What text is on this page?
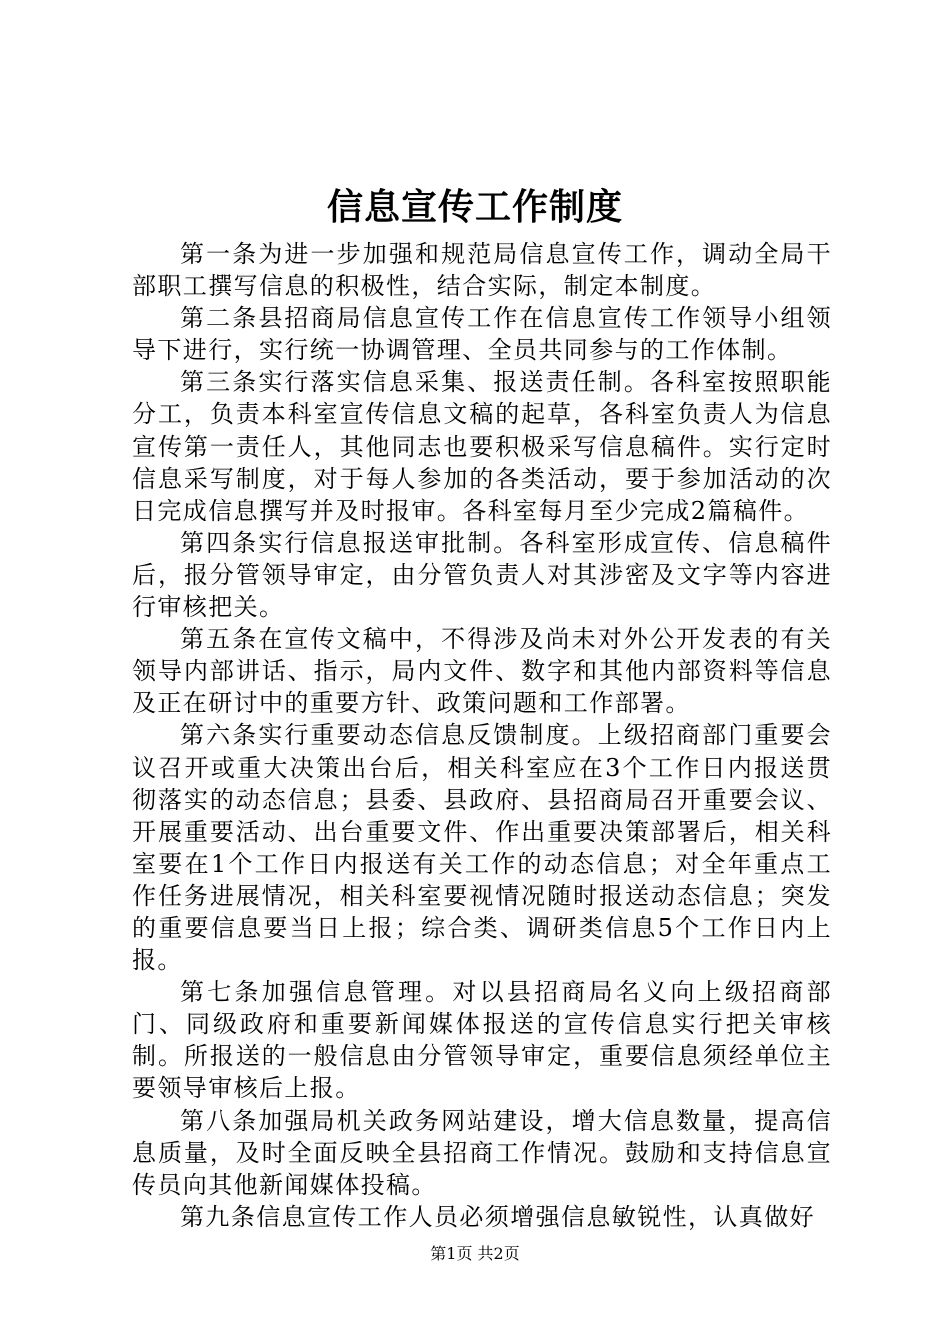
信息宣传工作制度

第一条为进一步加强和规范局信息宣传工作，调动全局干部职工撰写信息的积极性，结合实际，制定本制度。

第二条县招商局信息宣传工作在信息宣传工作领导小组领导下进行，实行统一协调管理、全员共同参与的工作体制。

第三条实行落实信息采集、报送责任制。各科室按照职能分工，负责本科室宣传信息文稿的起草，各科室负责人为信息宣传第一责任人，其他同志也要积极采写信息稿件。实行定时信息采写制度，对于每人参加的各类活动，要于参加活动的次日完成信息撰写并及时报审。各科室每月至少完成2篇稿件。

第四条实行信息报送审批制。各科室形成宣传、信息稿件后，报分管领导审定，由分管负责人对其涉密及文字等内容进行审核把关。

第五条在宣传文稿中，不得涉及尚未对外公开发表的有关领导内部讲话、指示，局内文件、数字和其他内部资料等信息及正在研讨中的重要方针、政策问题和工作部署。

第六条实行重要动态信息反馈制度。上级招商部门重要会议召开或重大决策出台后，相关科室应在3个工作日内报送贯彻落实的动态信息；县委、县政府、县招商局召开重要会议、开展重要活动、出台重要文件、作出重要决策部署后，相关科室要在1个工作日内报送有关工作的动态信息；对全年重点工作任务进展情况，相关科室要视情况随时报送动态信息；突发的重要信息要当日上报；综合类、调研类信息5个工作日内上报。

第七条加强信息管理。对以县招商局名义向上级招商部门、同级政府和重要新闻媒体报送的宣传信息实行把关审核制。所报送的一般信息由分管领导审定，重要信息须经单位主要领导审核后上报。

第八条加强局机关政务网站建设，增大信息数量，提高信息质量，及时全面反映全县招商工作情况。鼓励和支持信息宣传员向其他新闻媒体投稿。

第九条信息宣传工作人员必须增强信息敏锐性，认真做好

第1页 共2页
